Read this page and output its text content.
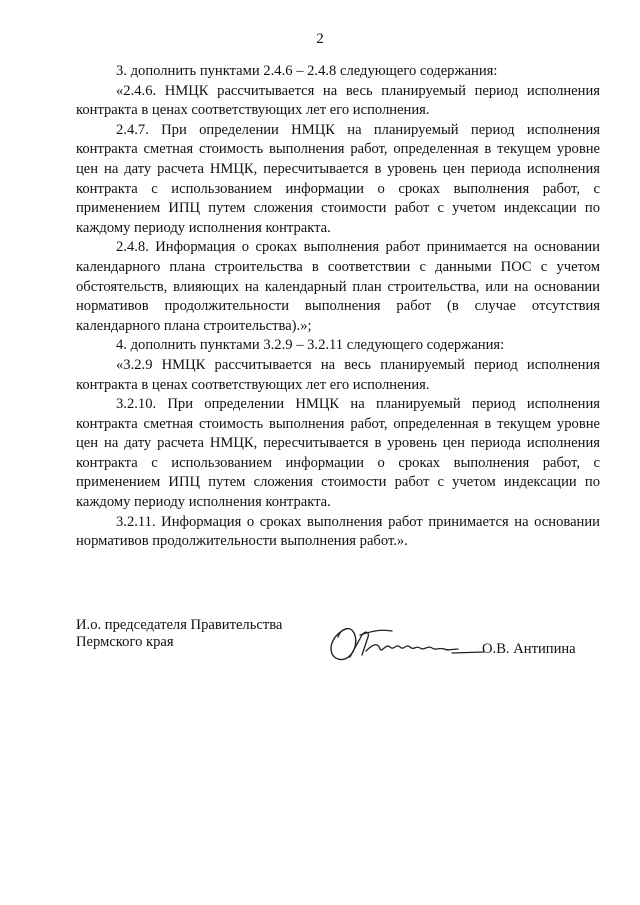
2

3. дополнить пунктами 2.4.6 – 2.4.8 следующего содержания:

«2.4.6. НМЦК рассчитывается на весь планируемый период исполнения контракта в ценах соответствующих лет его исполнения.

2.4.7. При определении НМЦК на планируемый период исполнения контракта сметная стоимость выполнения работ, определенная в текущем уровне цен на дату расчета НМЦК, пересчитывается в уровень цен периода исполнения контракта с использованием информации о сроках выполнения работ, с применением ИПЦ путем сложения стоимости работ с учетом индексации по каждому периоду исполнения контракта.

2.4.8. Информация о сроках выполнения работ принимается на основании календарного плана строительства в соответствии с данными ПОС с учетом обстоятельств, влияющих на календарный план строительства, или на основании нормативов продолжительности выполнения работ (в случае отсутствия календарного плана строительства).»;

4. дополнить пунктами 3.2.9 – 3.2.11 следующего содержания:

«3.2.9 НМЦК рассчитывается на весь планируемый период исполнения контракта в ценах соответствующих лет его исполнения.

3.2.10. При определении НМЦК на планируемый период исполнения контракта сметная стоимость выполнения работ, определенная в текущем уровне цен на дату расчета НМЦК, пересчитывается в уровень цен периода исполнения контракта с использованием информации о сроках выполнения работ, с применением ИПЦ путем сложения стоимости работ с учетом индексации по каждому периоду исполнения контракта.

3.2.11. Информация о сроках выполнения работ принимается на основании нормативов продолжительности выполнения работ.».

И.о. председателя Правительства
Пермского края	О.В. Антипина
